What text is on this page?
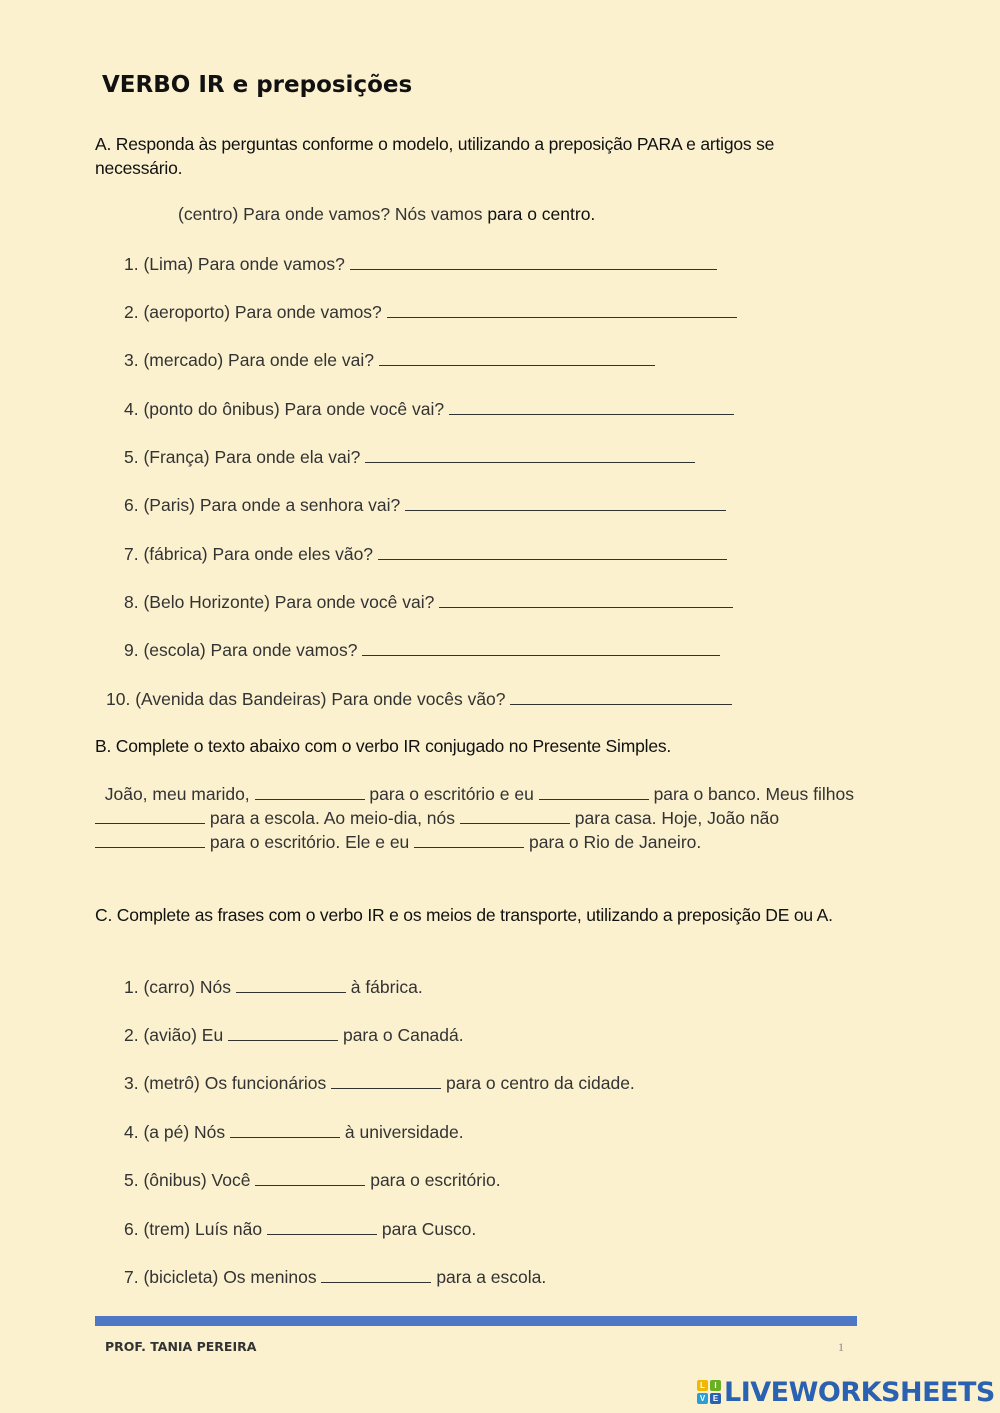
VERBO IR e preposições
A. Responda às perguntas conforme o modelo, utilizando a preposição PARA e artigos se necessário.
(centro) Para onde vamos? Nós vamos para o centro.
1. (Lima) Para onde vamos?
2. (aeroporto) Para onde vamos?
3. (mercado) Para onde ele vai?
4. (ponto do ônibus) Para onde você vai?
5. (França) Para onde ela vai?
6. (Paris) Para onde a senhora vai?
7. (fábrica) Para onde eles vão?
8. (Belo Horizonte) Para onde você vai?
9. (escola) Para onde vamos?
10. (Avenida das Bandeiras) Para onde vocês vão?
B. Complete o texto abaixo com o verbo IR conjugado no Presente Simples.
João, meu marido,	para o escritório e eu	para o banco. Meus filhos  para a escola. Ao meio-dia, nós	para casa. Hoje, João não  para o escritório. Ele e eu	para o Rio de Janeiro.
C. Complete as frases com o verbo IR e os meios de transporte, utilizando a preposição DE ou A.
1. (carro) Nós	à fábrica.
2. (avião) Eu	para o Canadá.
3. (metrô) Os funcionários	para o centro da cidade.
4. (a pé) Nós	à universidade.
5. (ônibus) Você	para o escritório.
6. (trem) Luís não	para Cusco.
7. (bicicleta) Os meninos	para a escola.
PROF. TANIA PEREIRA	1
L	I
V E LIVEWORKSHEETS
